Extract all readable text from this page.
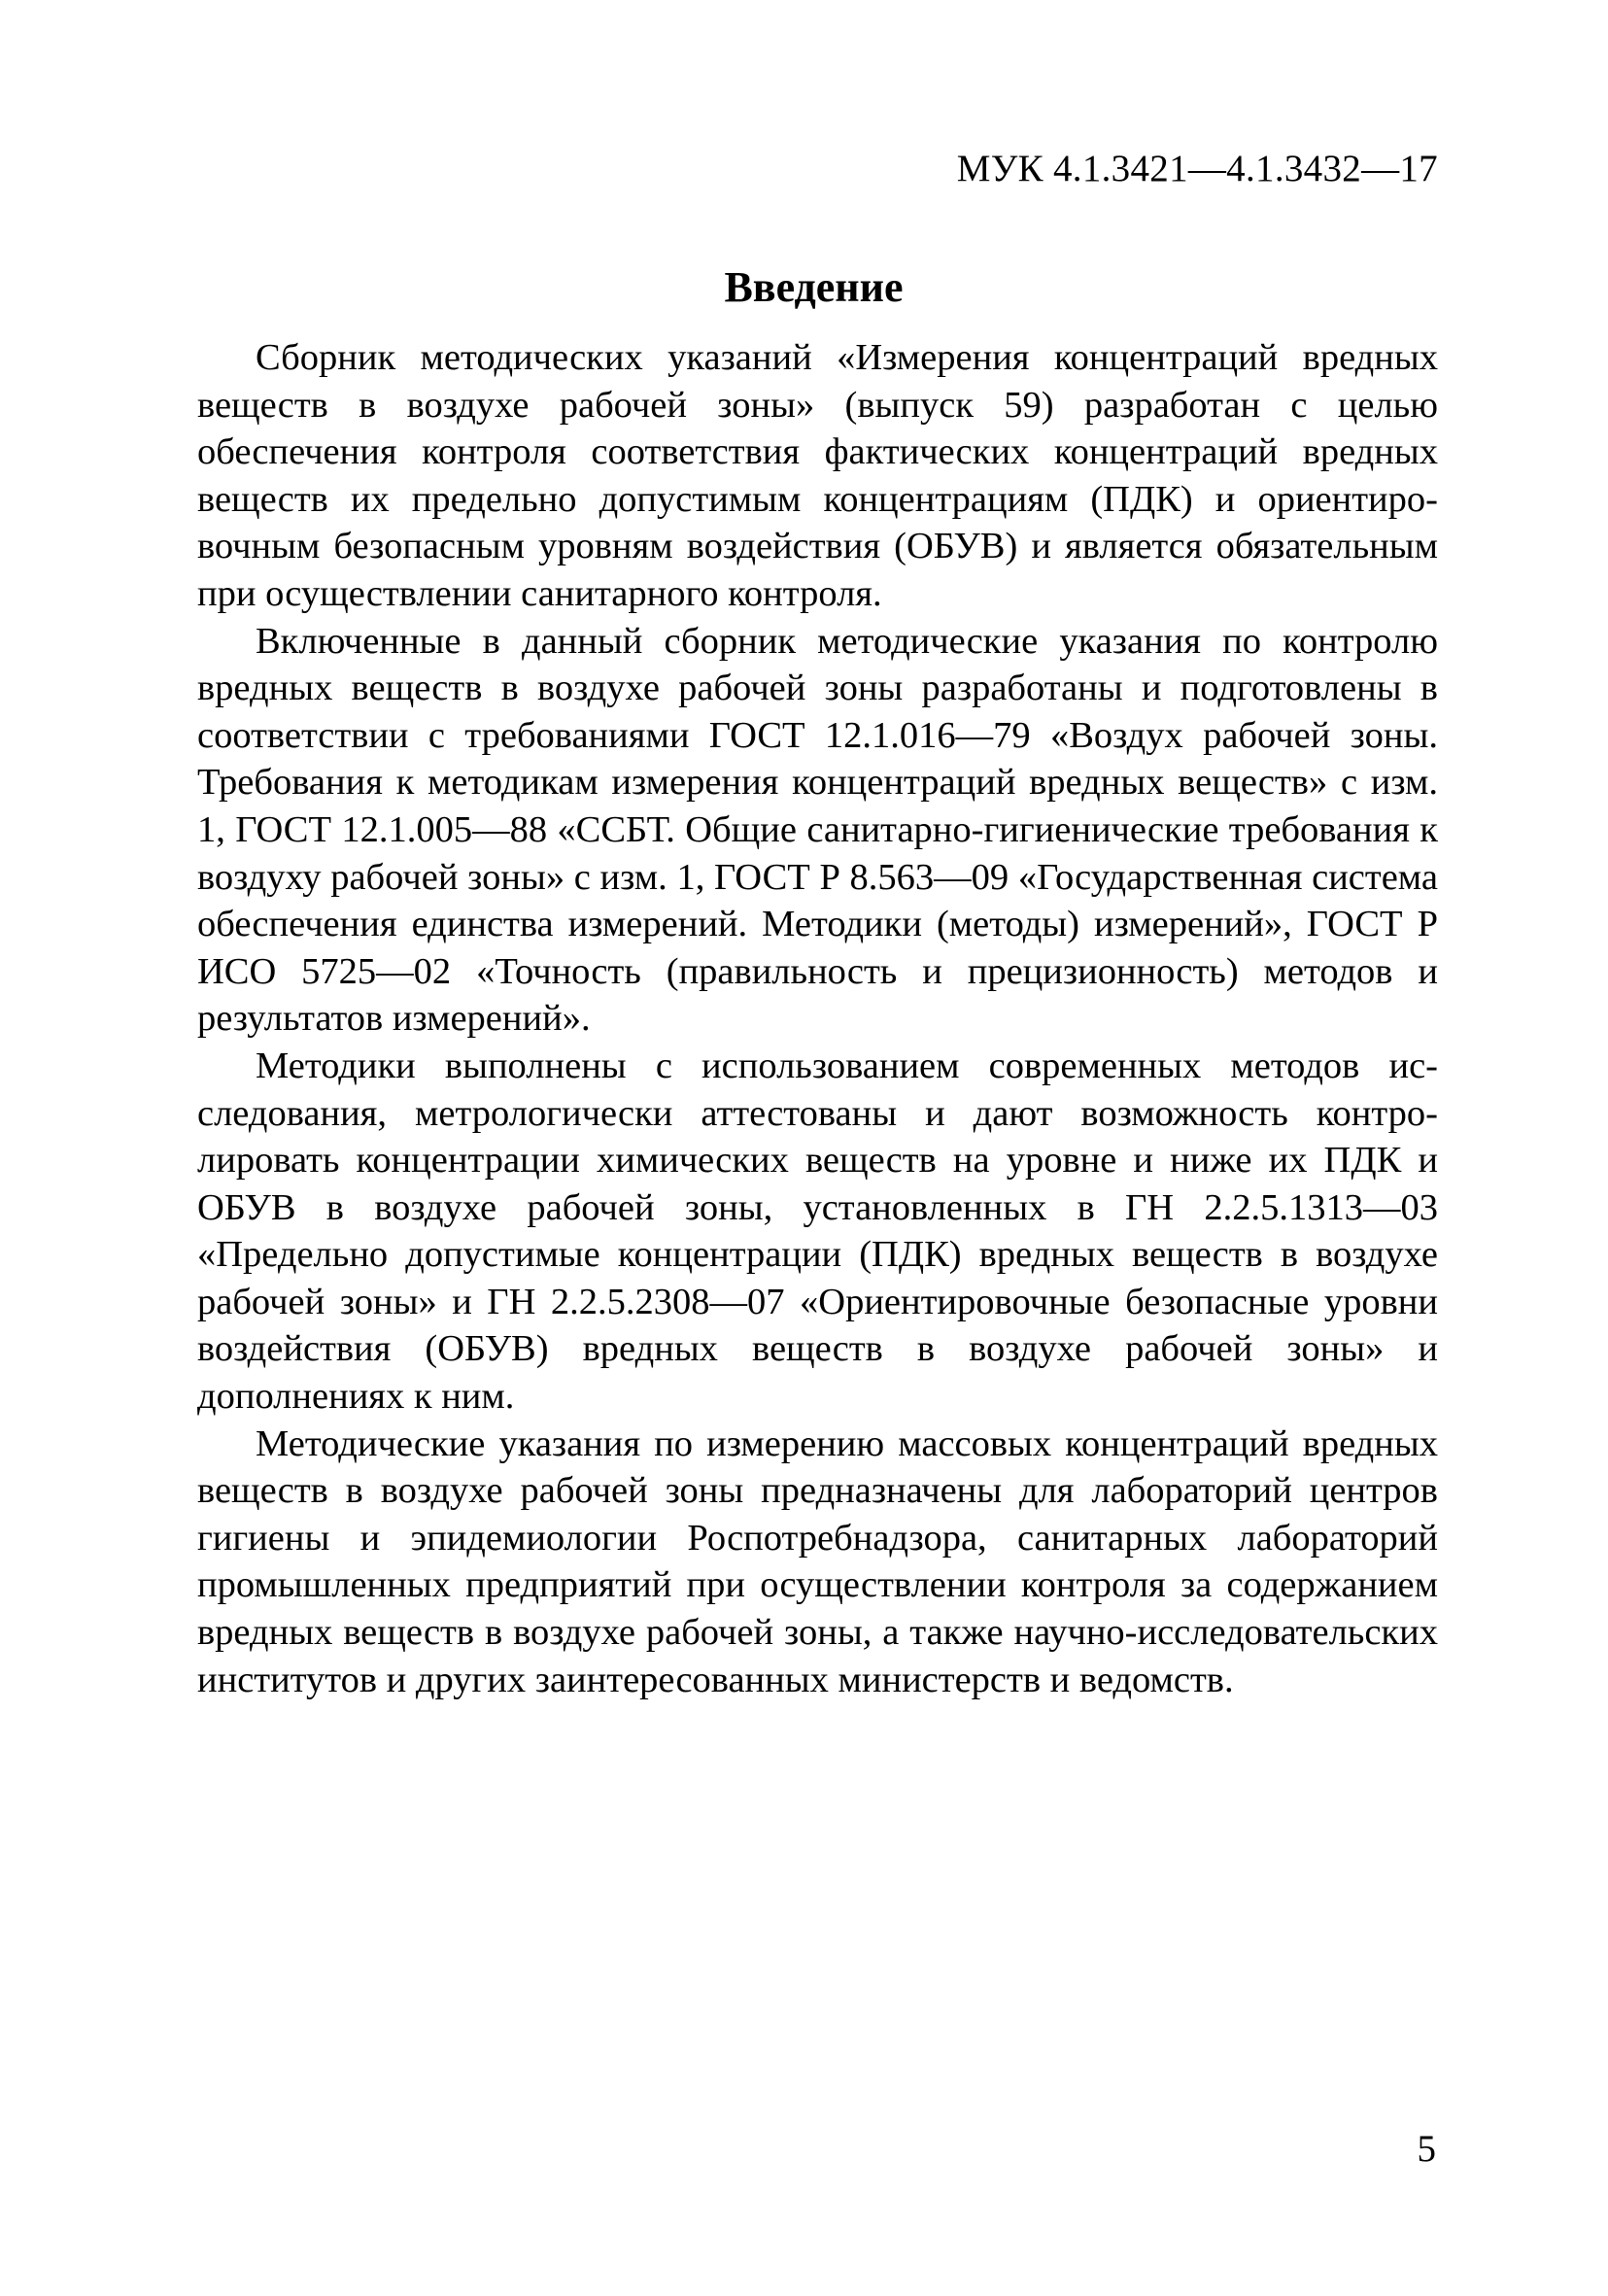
МУК 4.1.3421—4.1.3432—17
Введение

Сборник методических указаний «Измерения концентраций вредных веществ в воздухе рабочей зоны» (выпуск 59) разработан с целью обеспечения контроля соответствия фактических концентраций вредных веществ их предельно допустимым концентрациям (ПДК) и ориентировочным безопасным уровням воздействия (ОБУВ) и является обязательным при осуществлении санитарного контроля.

Включенные в данный сборник методические указания по контролю вредных веществ в воздухе рабочей зоны разработаны и подготовлены в соответствии с требованиями ГОСТ 12.1.016—79 «Воздух рабочей зоны. Требования к методикам измерения концентраций вредных веществ» с изм. 1, ГОСТ 12.1.005—88 «ССБТ. Общие санитарно-гигиенические требования к воздуху рабочей зоны» с изм. 1, ГОСТ Р 8.563—09 «Государственная система обеспечения единства измерений. Методики (методы) измерений», ГОСТ Р ИСО 5725—02 «Точность (правильность и прецизионность) методов и результатов измерений».

Методики выполнены с использованием современных методов исследования, метрологически аттестованы и дают возможность контролировать концентрации химических веществ на уровне и ниже их ПДК и ОБУВ в воздухе рабочей зоны, установленных в ГН 2.2.5.1313—03 «Предельно допустимые концентрации (ПДК) вредных веществ в воздухе рабочей зоны» и ГН 2.2.5.2308—07 «Ориентировочные безопасные уровни воздействия (ОБУВ) вредных веществ в воздухе рабочей зоны» и дополнениях к ним.

Методические указания по измерению массовых концентраций вредных веществ в воздухе рабочей зоны предназначены для лабораторий центров гигиены и эпидемиологии Роспотребнадзора, санитарных лабораторий промышленных предприятий при осуществлении контроля за содержанием вредных веществ в воздухе рабочей зоны, а также научно-исследовательских институтов и других заинтересованных министерств и ведомств.

5
